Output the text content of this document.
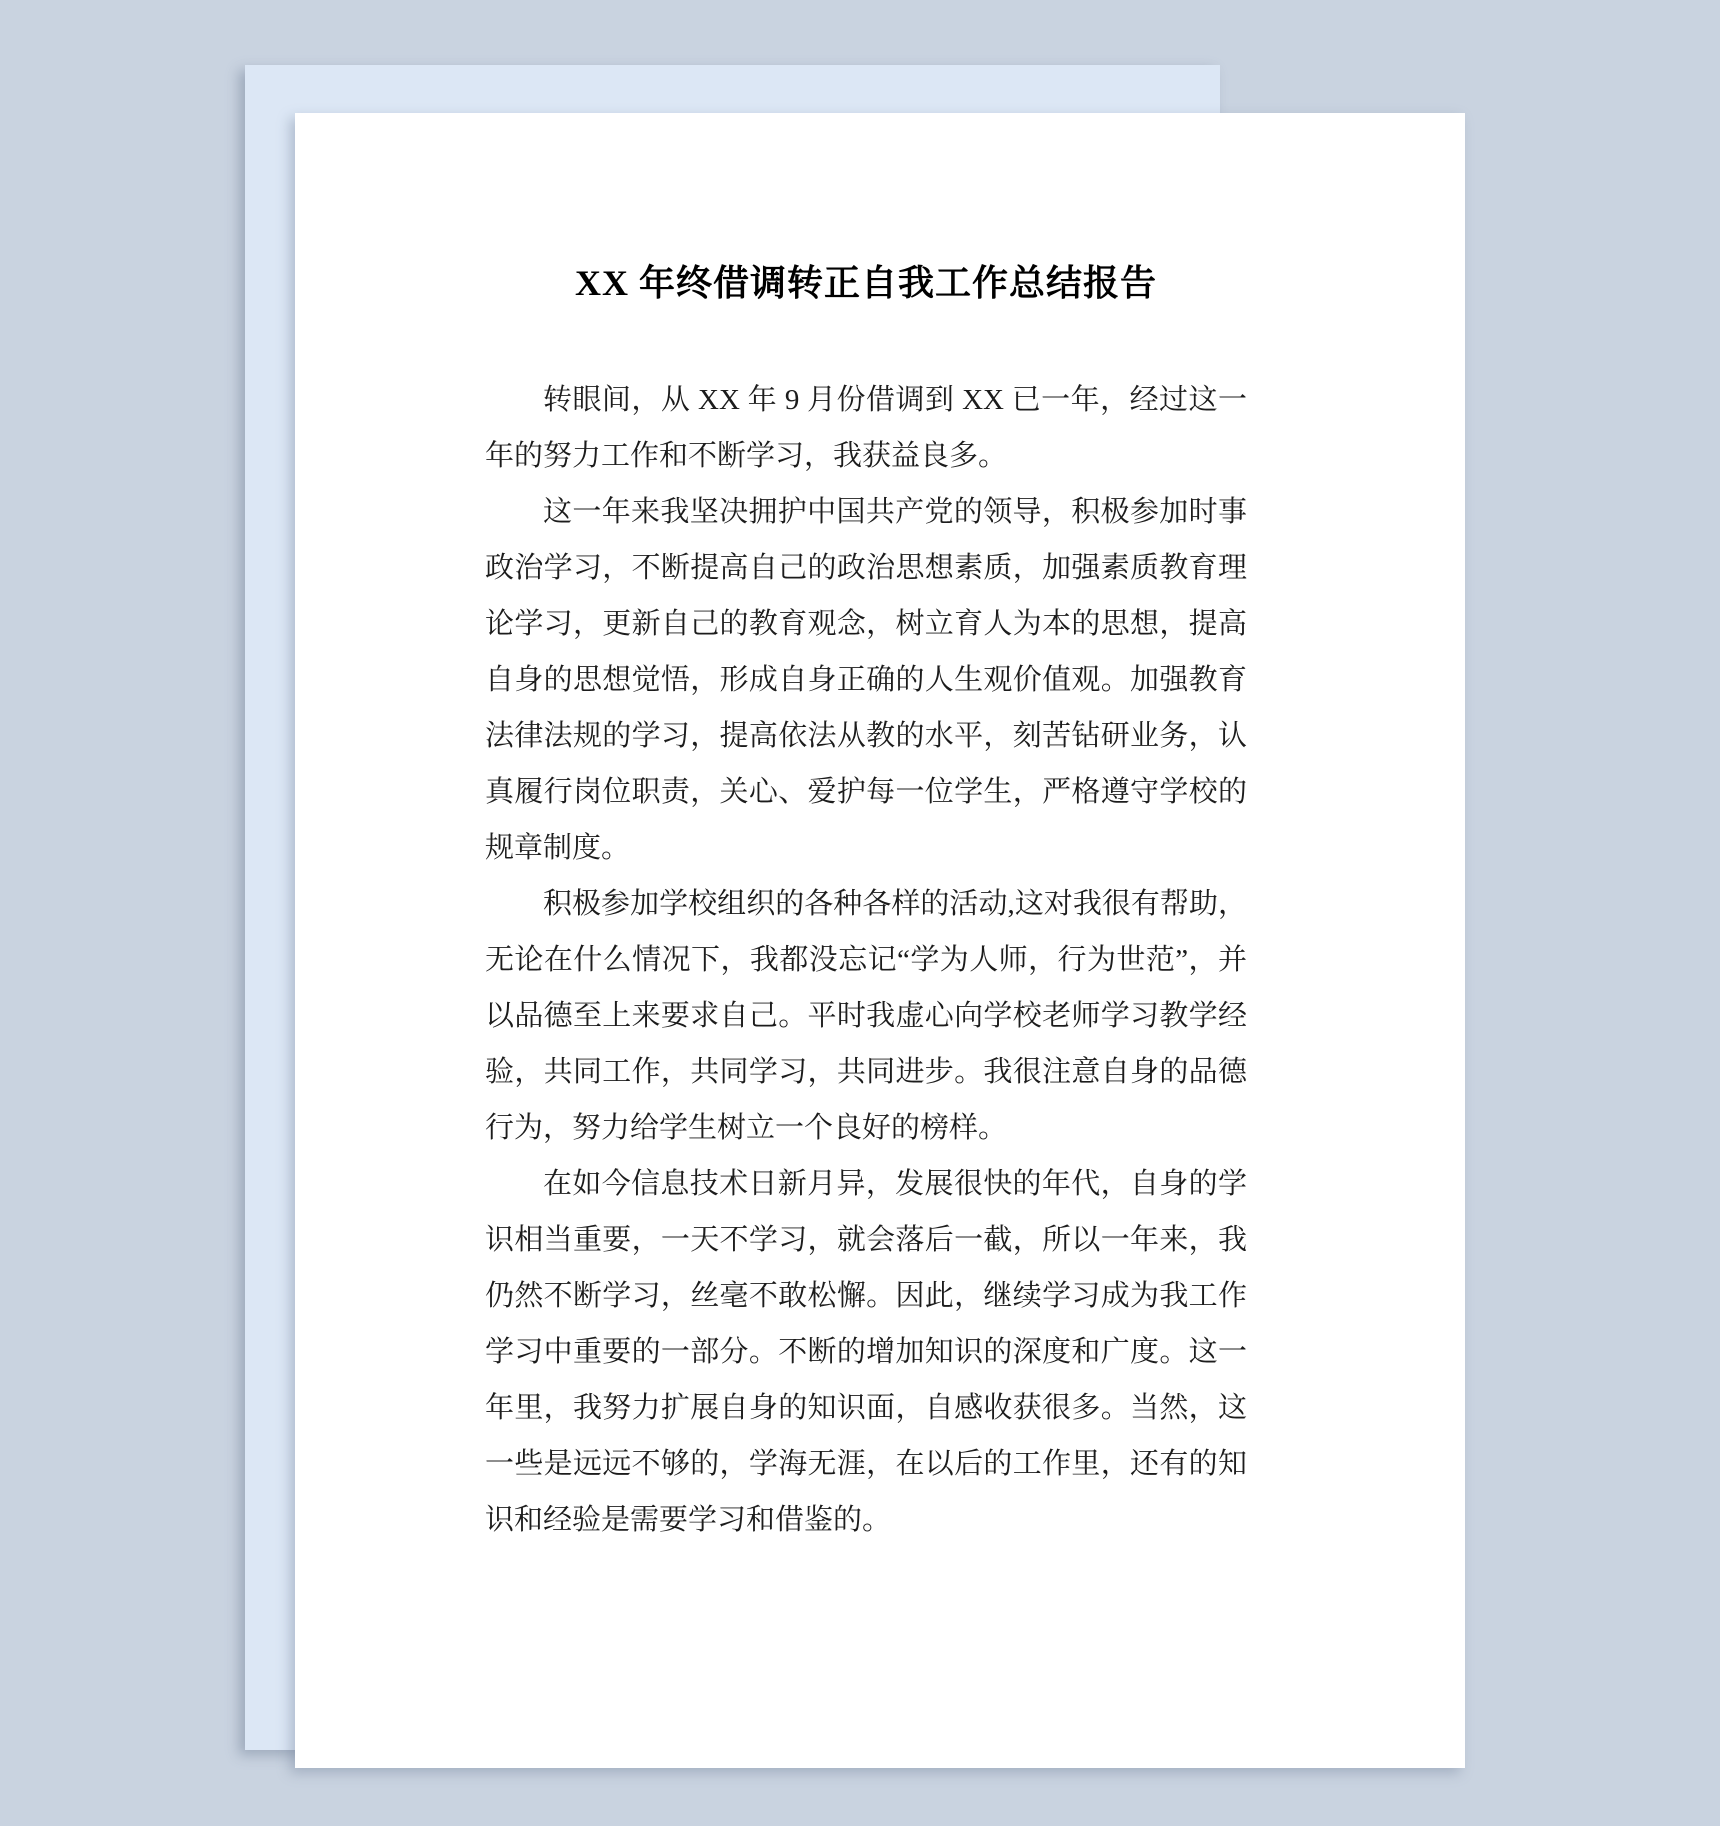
XX 年终借调转正自我工作总结报告

转眼间，从 XX 年 9 月份借调到 XX 已一年，经过这一年的努力工作和不断学习，我获益良多。

这一年来我坚决拥护中国共产党的领导，积极参加时事政治学习，不断提高自己的政治思想素质，加强素质教育理论学习，更新自己的教育观念，树立育人为本的思想，提高自身的思想觉悟，形成自身正确的人生观价值观。加强教育法律法规的学习，提高依法从教的水平，刻苦钻研业务，认真履行岗位职责，关心、爱护每一位学生，严格遵守学校的规章制度。

积极参加学校组织的各种各样的活动,这对我很有帮助，无论在什么情况下，我都没忘记“学为人师，行为世范”，并以品德至上来要求自己。平时我虚心向学校老师学习教学经验，共同工作，共同学习，共同进步。我很注意自身的品德行为，努力给学生树立一个良好的榜样。

在如今信息技术日新月异，发展很快的年代，自身的学识相当重要，一天不学习，就会落后一截，所以一年来，我仍然不断学习，丝毫不敢松懈。因此，继续学习成为我工作学习中重要的一部分。不断的增加知识的深度和广度。这一年里，我努力扩展自身的知识面，自感收获很多。当然，这一些是远远不够的，学海无涯，在以后的工作里，还有的知识和经验是需要学习和借鉴的。
